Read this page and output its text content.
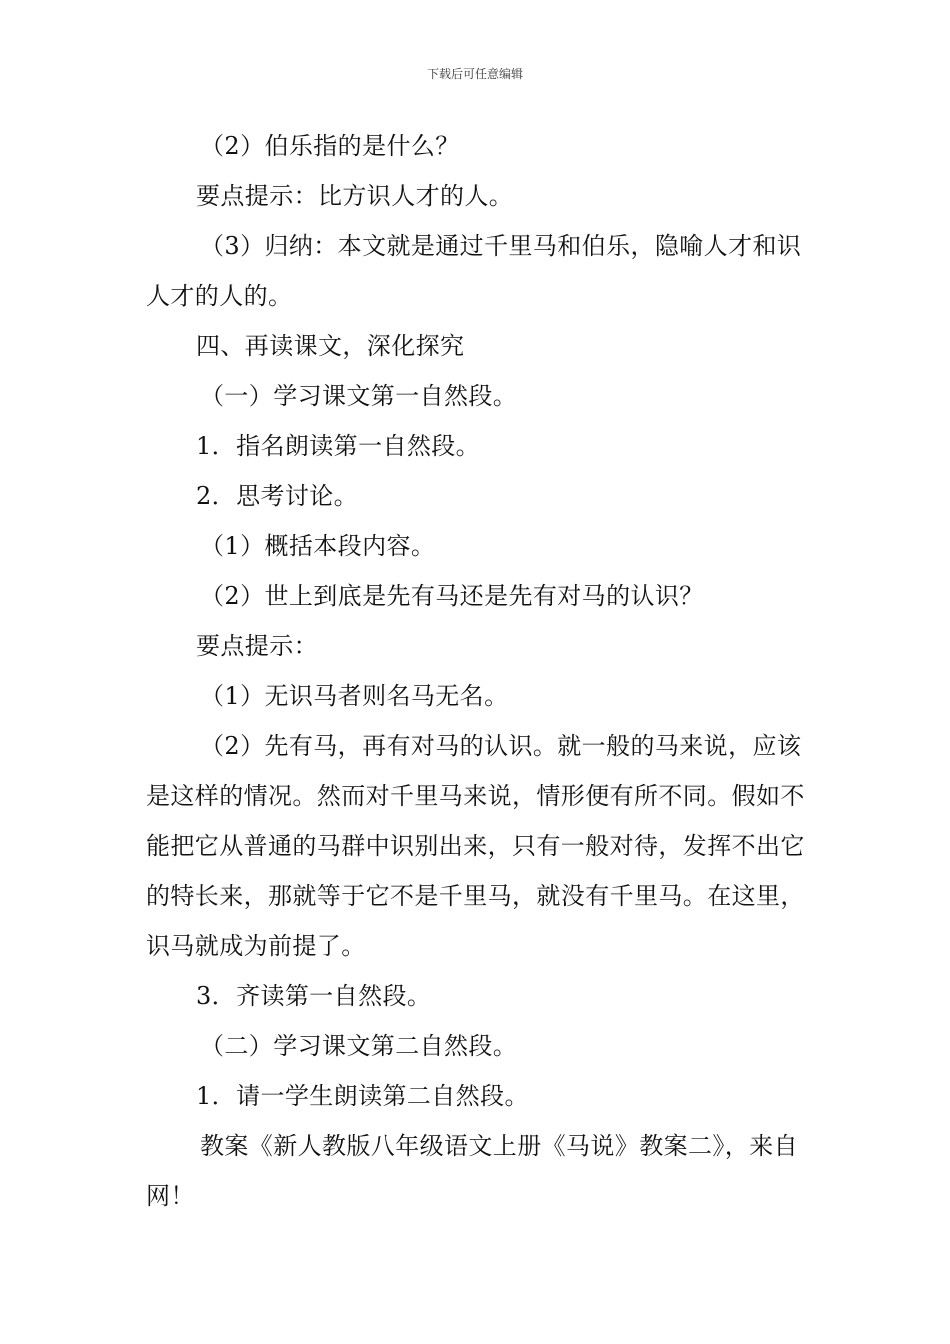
下载后可任意编辑

（2）伯乐指的是什么？

要点提示：比方识人才的人。

（3）归纳：本文就是通过千里马和伯乐，隐喻人才和识人才的人的。

四、再读课文，深化探究

（一）学习课文第一自然段。

1．指名朗读第一自然段。

2．思考讨论。

（1）概括本段内容。

（2）世上到底是先有马还是先有对马的认识？

要点提示：

（1）无识马者则名马无名。

（2）先有马，再有对马的认识。就一般的马来说，应该是这样的情况。然而对千里马来说，情形便有所不同。假如不能把它从普通的马群中识别出来，只有一般对待，发挥不出它的特长来，那就等于它不是千里马，就没有千里马。在这里，识马就成为前提了。

3．齐读第一自然段。

（二）学习课文第二自然段。

1．请一学生朗读第二自然段。

教案《新人教版八年级语文上册《马说》教案二》，来自网！
